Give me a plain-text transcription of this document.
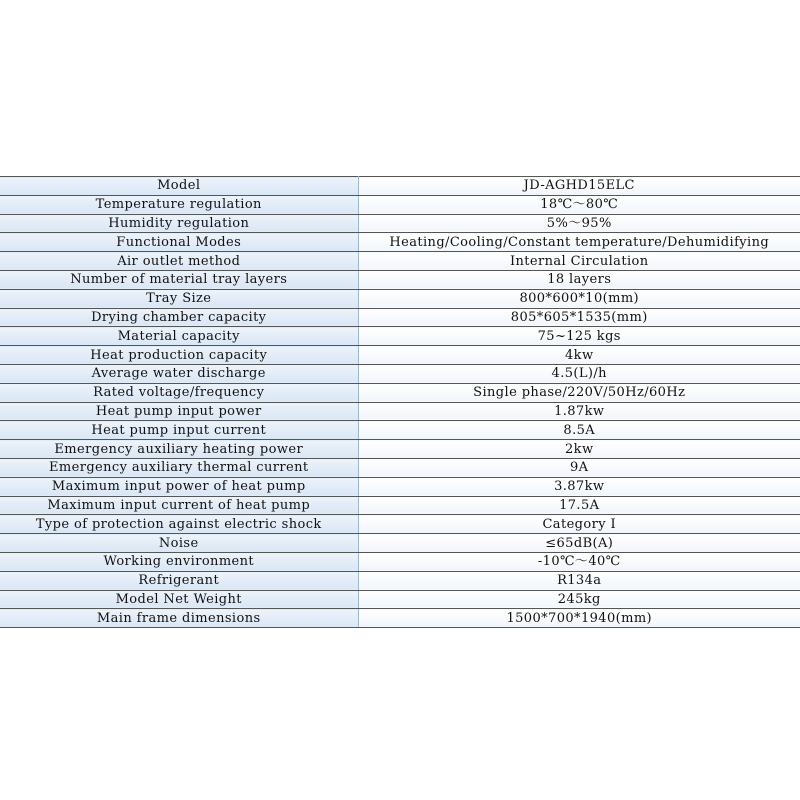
Model	JD-AGHD15ELC
Temperature regulation	18℃～80℃
Humidity regulation	5%～95%
Functional Modes	Heating/Cooling/Constant temperature/Dehumidifying
Air outlet method	Internal Circulation
Number of material tray layers	18 layers
Tray Size	800*600*10(mm)
Drying chamber capacity	805*605*1535(mm)
Material capacity	75~125 kgs
Heat production capacity	4kw
Average water discharge	4.5(L)/h
Rated voltage/frequency	Single phase/220V/50Hz/60Hz
Heat pump input power	1.87kw
Heat pump input current	8.5A
Emergency auxiliary heating power	2kw
Emergency auxiliary thermal current	9A
Maximum input power of heat pump	3.87kw
Maximum input current of heat pump	17.5A
Type of protection against electric shock	Category I
Noise	≤65dB(A)
Working environment	-10℃～40℃
Refrigerant	R134a
Model Net Weight	245kg
Main frame dimensions	1500*700*1940(mm)
